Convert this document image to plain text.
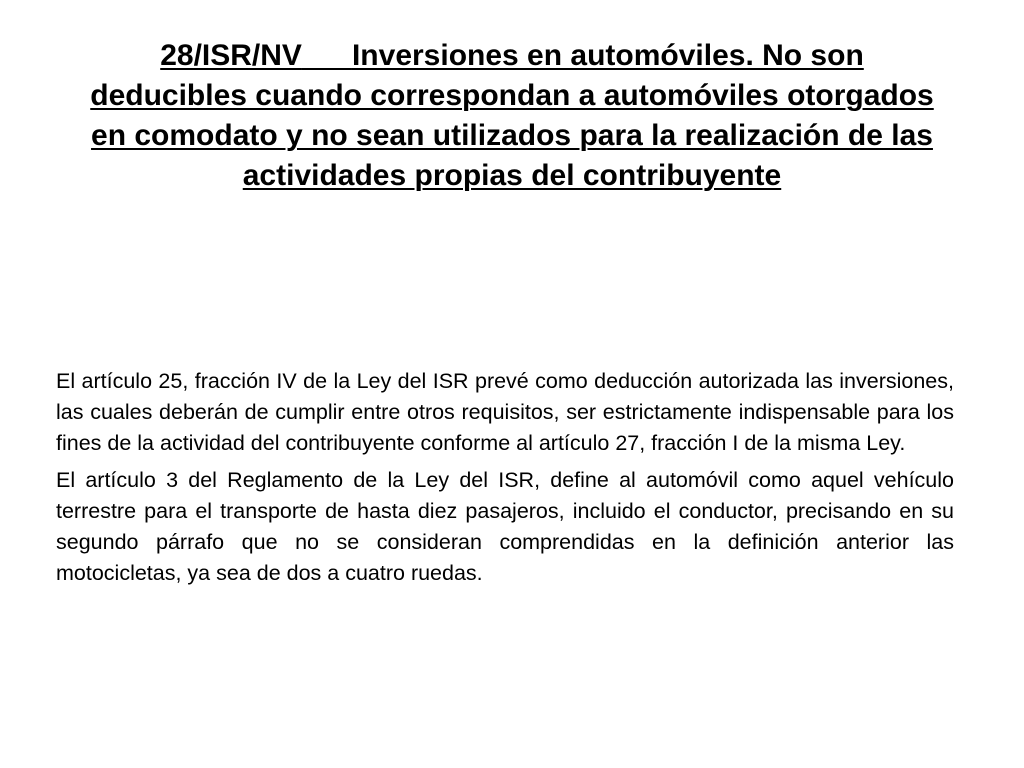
28/ISR/NV Inversiones en automóviles. No son deducibles cuando correspondan a automóviles otorgados en comodato y no sean utilizados para la realización de las actividades propias del contribuyente

El artículo 25, fracción IV de la Ley del ISR prevé como deducción autorizada las inversiones, las cuales deberán de cumplir entre otros requisitos, ser estrictamente indispensable para los fines de la actividad del contribuyente conforme al artículo 27, fracción I de la misma Ley.

El artículo 3 del Reglamento de la Ley del ISR, define al automóvil como aquel vehículo terrestre para el transporte de hasta diez pasajeros, incluido el conductor, precisando en su segundo párrafo que no se consideran comprendidas en la definición anterior las motocicletas, ya sea de dos a cuatro ruedas.
